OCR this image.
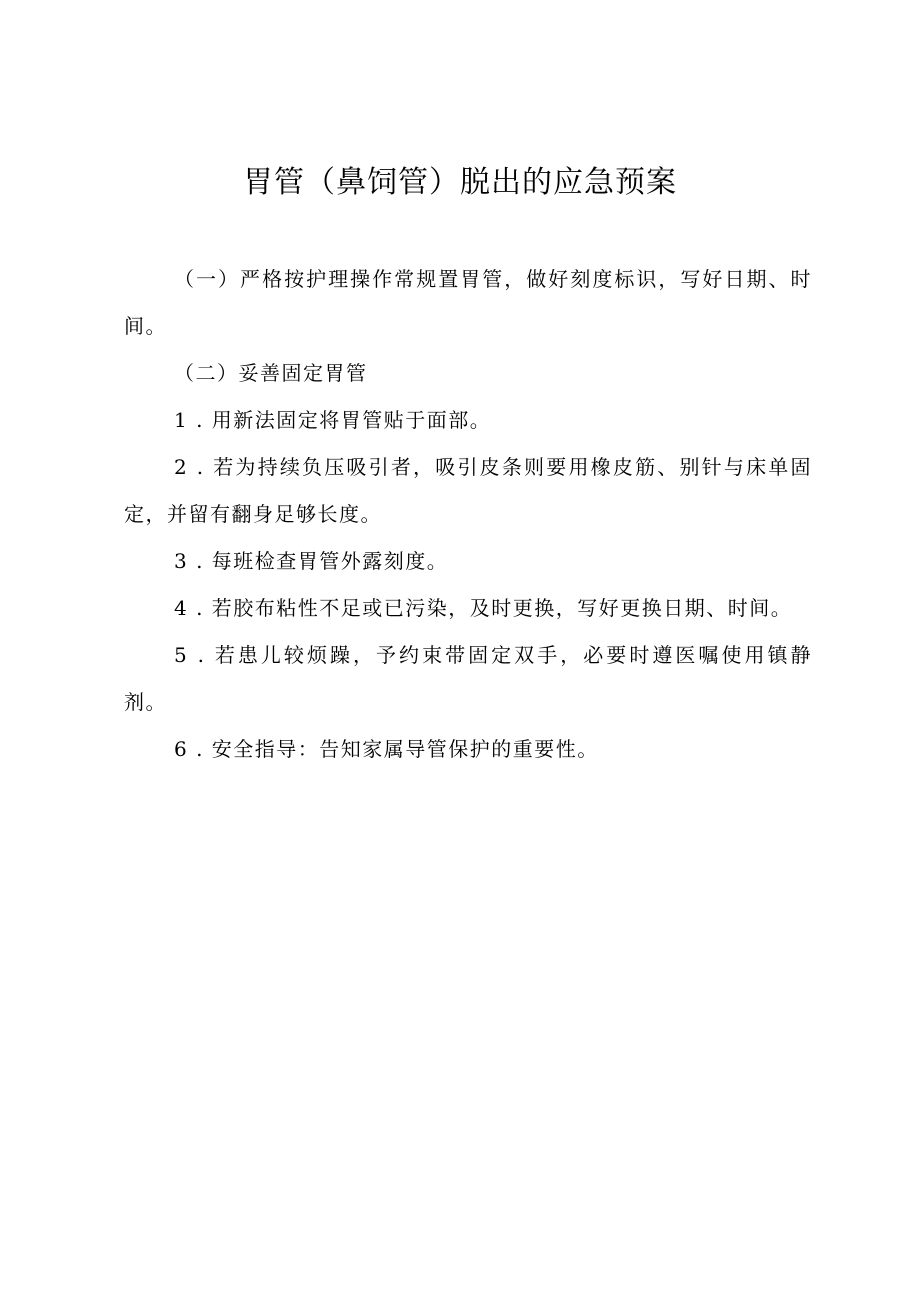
胃管（鼻饲管）脱出的应急预案

（一）严格按护理操作常规置胃管，做好刻度标识，写好日期、时间。

（二）妥善固定胃管

1 . 用新法固定将胃管贴于面部。

2 . 若为持续负压吸引者，吸引皮条则要用橡皮筋、别针与床单固定，并留有翻身足够长度。

3 . 每班检查胃管外露刻度。

4 . 若胶布粘性不足或已污染，及时更换，写好更换日期、时间。

5 . 若患儿较烦躁，予约束带固定双手，必要时遵医嘱使用镇静剂。

6 . 安全指导：告知家属导管保护的重要性。
